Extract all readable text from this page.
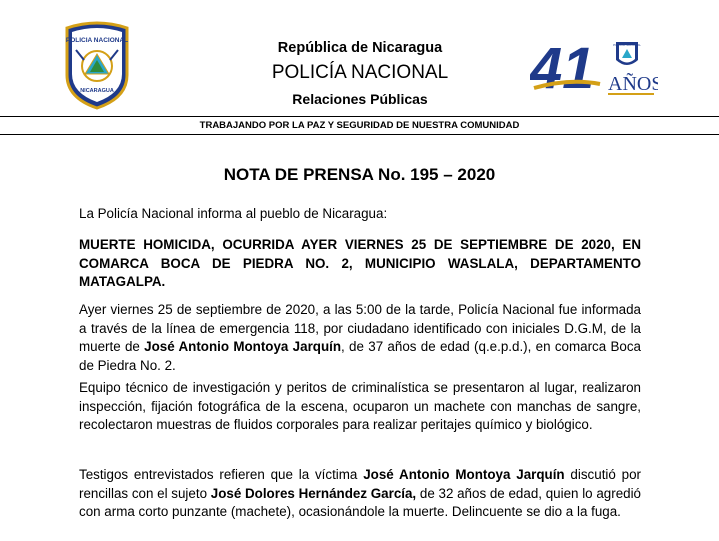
POLICIA NACIONAL
NICARAGUA
República de Nicaragua
POLICÍA NACIONAL
Relaciones Públicas	41	POLICIA NACIONAL
AÑOS
TRABAJANDO POR LA PAZ Y SEGURIDAD DE NUESTRA COMUNIDAD
NOTA DE PRENSA No. 195 – 2020
La Policía Nacional informa al pueblo de Nicaragua:
MUERTE HOMICIDA, OCURRIDA AYER VIERNES 25 DE SEPTIEMBRE DE 2020, EN COMARCA BOCA DE PIEDRA NO. 2, MUNICIPIO WASLALA, DEPARTAMENTO MATAGALPA.
Ayer viernes 25 de septiembre de 2020, a las 5:00 de la tarde, Policía Nacional fue informada a través de la línea de emergencia 118, por ciudadano identificado con iniciales D.G.M, de la muerte de José Antonio Montoya Jarquín, de 37 años de edad (q.e.p.d.), en comarca Boca de Piedra No. 2.
Equipo técnico de investigación y peritos de criminalística se presentaron al lugar, realizaron inspección, fijación fotográfica de la escena, ocuparon un machete con manchas de sangre, recolectaron muestras de fluidos corporales para realizar peritajes químico y biológico.
Testigos entrevistados refieren que la víctima José Antonio Montoya Jarquín discutió por rencillas con el sujeto José Dolores Hernández García, de 32 años de edad, quien lo agredió con arma corto punzante (machete), ocasionándole la muerte. Delincuente se dio a la fuga.
